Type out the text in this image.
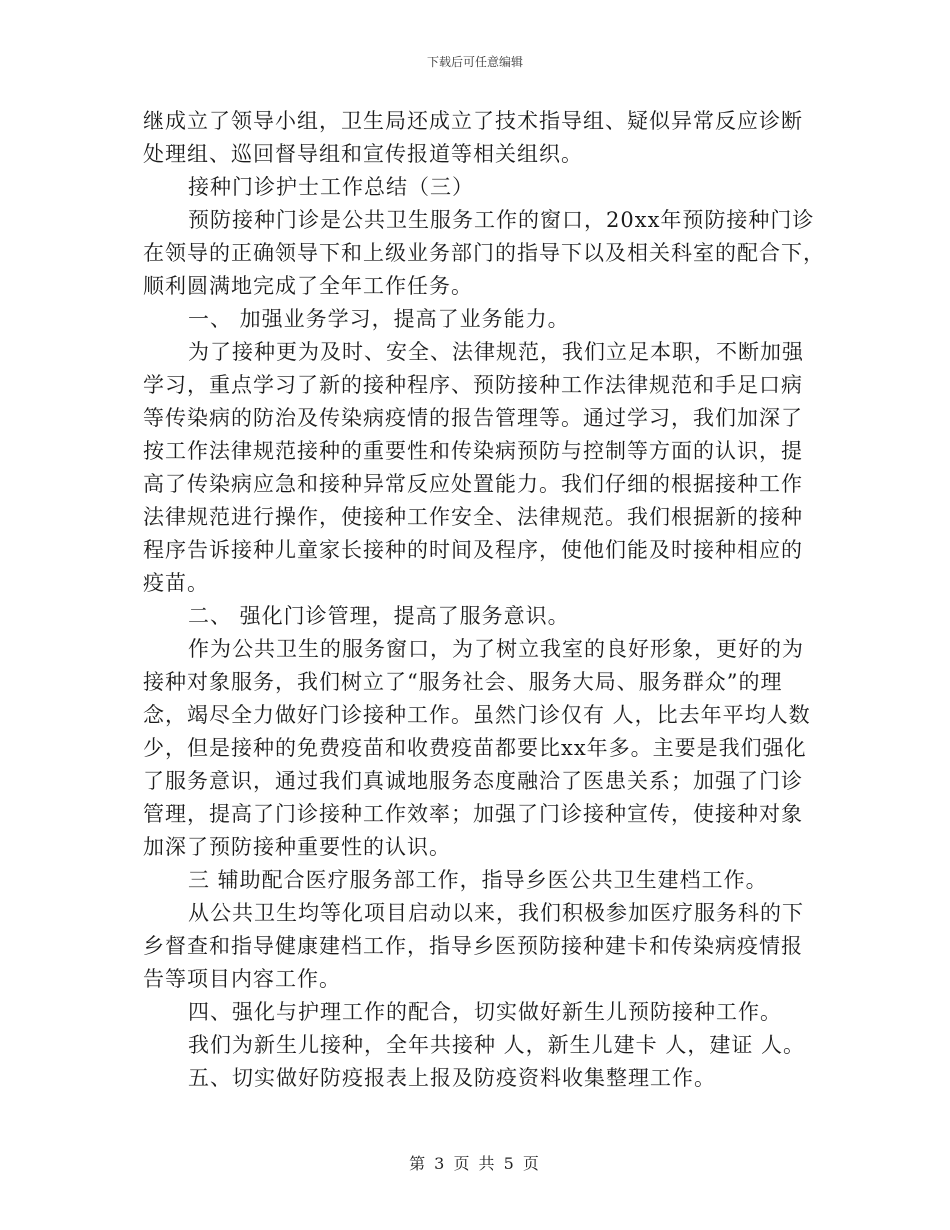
下载后可任意编辑
继成立了领导小组，卫生局还成立了技术指导组、疑似异常反应诊断
处理组、巡回督导组和宣传报道等相关组织。
接种门诊护士工作总结（三）
预防接种门诊是公共卫生服务工作的窗口，20xx年预防接种门诊
在领导的正确领导下和上级业务部门的指导下以及相关科室的配合下，
顺利圆满地完成了全年工作任务。
一、 加强业务学习，提高了业务能力。
为了接种更为及时、安全、法律规范，我们立足本职，不断加强
学习，重点学习了新的接种程序、预防接种工作法律规范和手足口病
等传染病的防治及传染病疫情的报告管理等。通过学习，我们加深了
按工作法律规范接种的重要性和传染病预防与控制等方面的认识，提
高了传染病应急和接种异常反应处置能力。我们仔细的根据接种工作
法律规范进行操作，使接种工作安全、法律规范。我们根据新的接种
程序告诉接种儿童家长接种的时间及程序，使他们能及时接种相应的
疫苗。
二、 强化门诊管理，提高了服务意识。
作为公共卫生的服务窗口，为了树立我室的良好形象，更好的为
接种对象服务，我们树立了“服务社会、服务大局、服务群众”的理
念，竭尽全力做好门诊接种工作。虽然门诊仅有 人，比去年平均人数
少，但是接种的免费疫苗和收费疫苗都要比xx年多。主要是我们强化
了服务意识，通过我们真诚地服务态度融洽了医患关系；加强了门诊
管理，提高了门诊接种工作效率；加强了门诊接种宣传，使接种对象
加深了预防接种重要性的认识。
三 辅助配合医疗服务部工作，指导乡医公共卫生建档工作。
从公共卫生均等化项目启动以来，我们积极参加医疗服务科的下
乡督查和指导健康建档工作，指导乡医预防接种建卡和传染病疫情报
告等项目内容工作。
四、强化与护理工作的配合，切实做好新生儿预防接种工作。
我们为新生儿接种，全年共接种 人，新生儿建卡 人，建证 人。
五、切实做好防疫报表上报及防疫资料收集整理工作。
第 3 页 共 5 页
